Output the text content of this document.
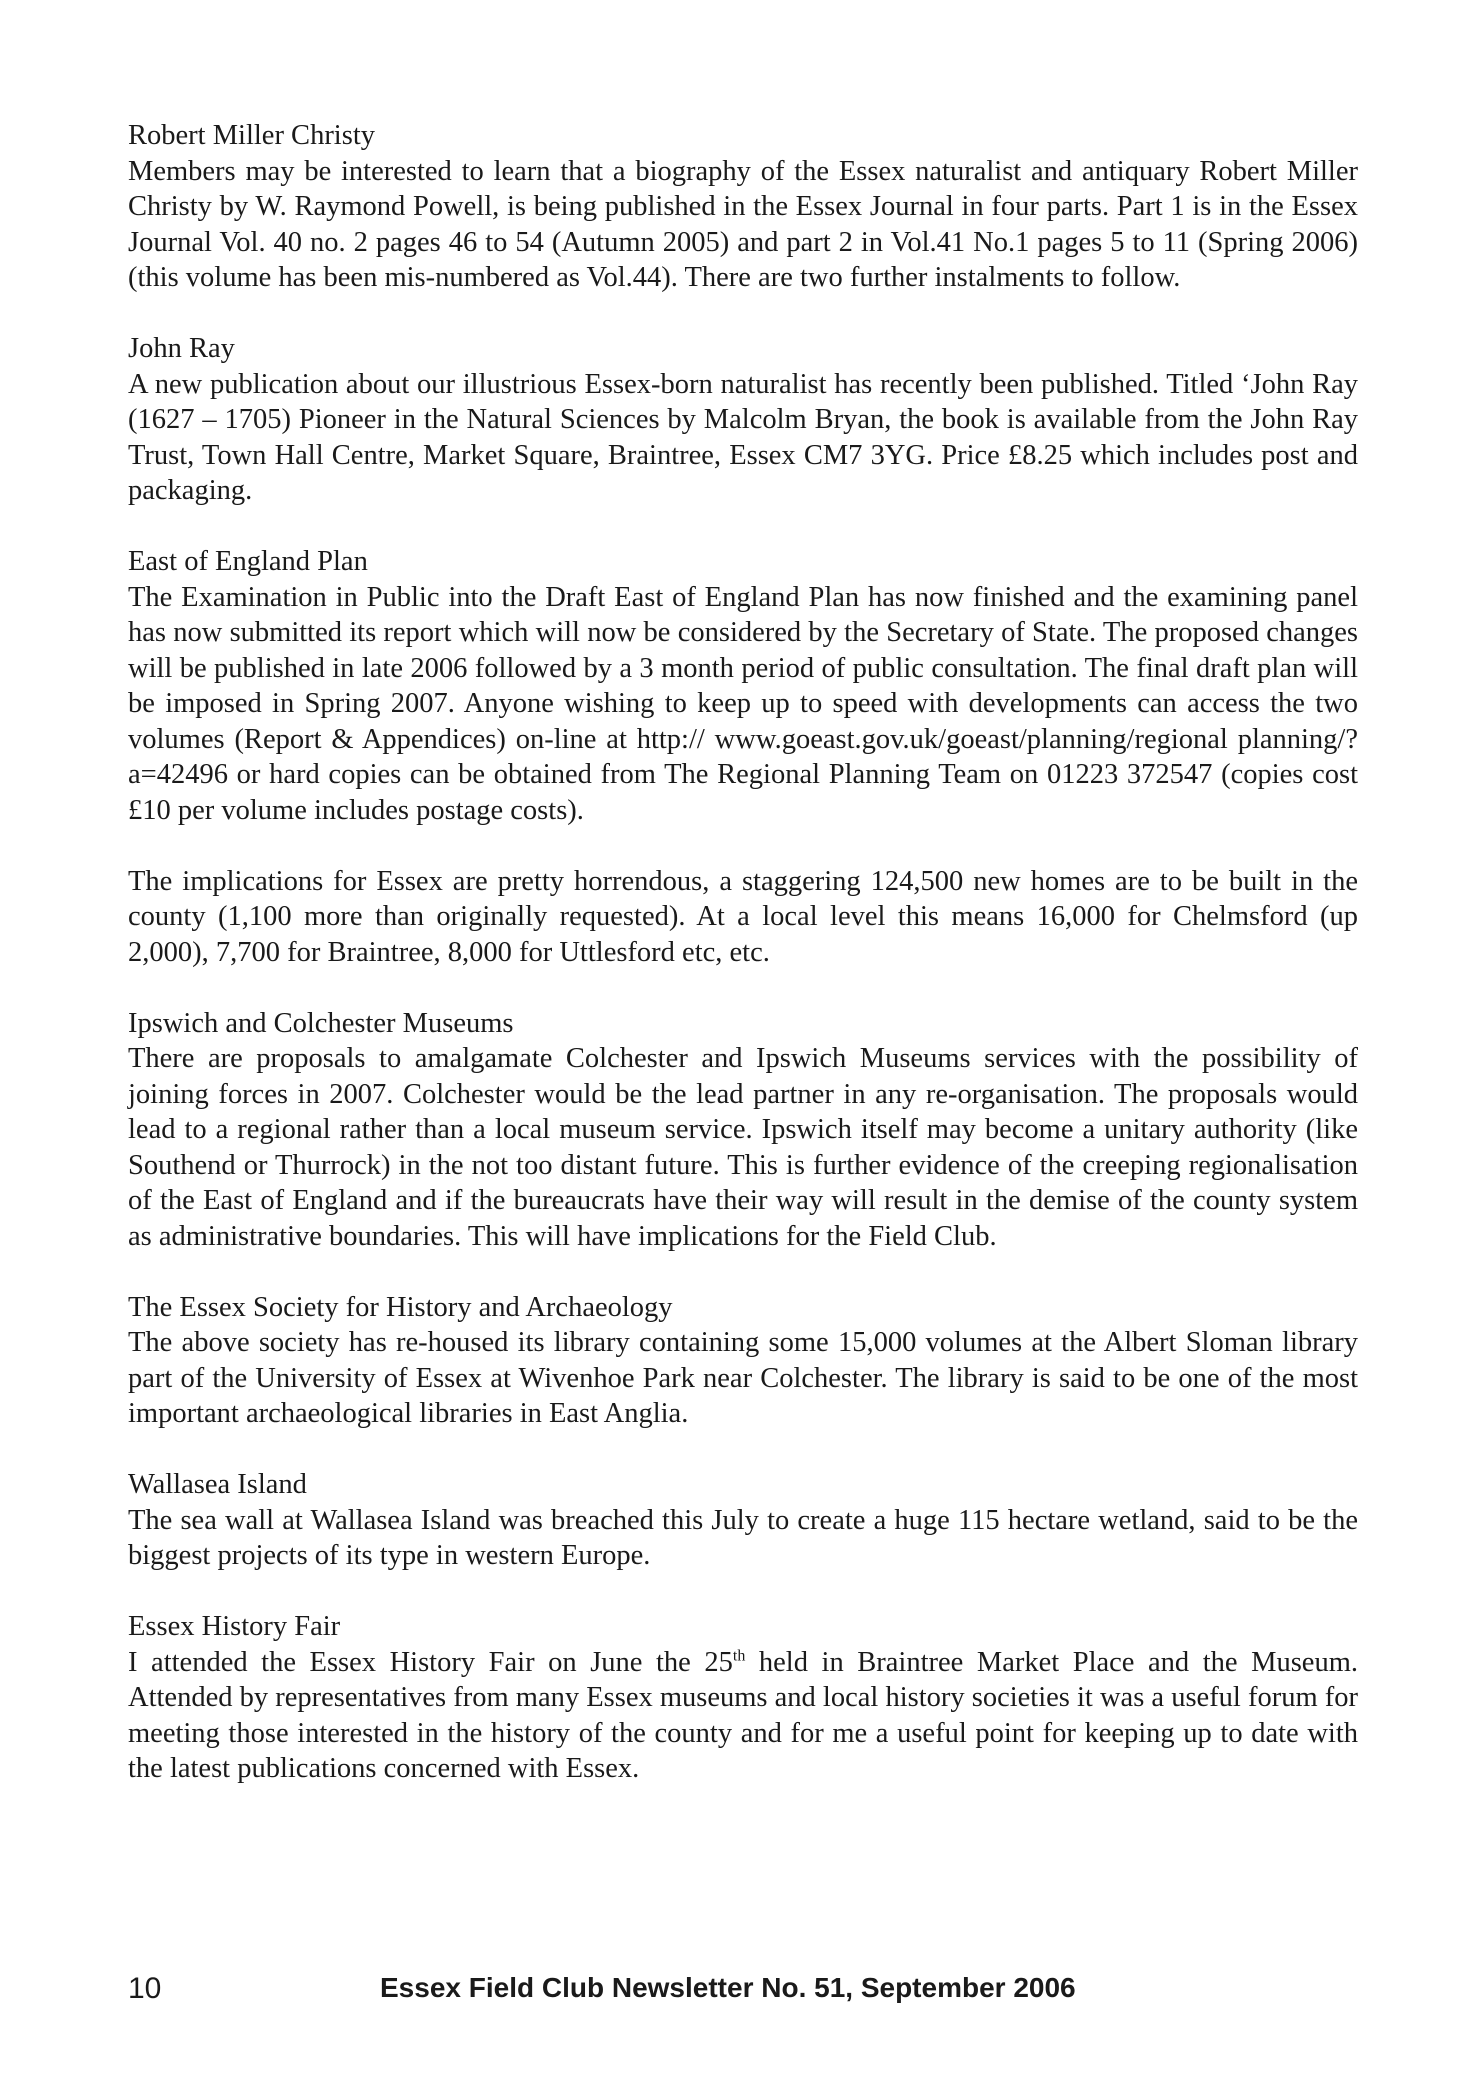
Robert Miller Christy

Members may be interested to learn that a biography of the Essex naturalist and antiquary Robert Miller Christy by W. Raymond Powell, is being published in the Essex Journal in four parts. Part 1 is in the Essex Journal Vol. 40 no. 2 pages 46 to 54 (Autumn 2005) and part 2 in Vol.41 No.1 pages 5 to 11 (Spring 2006) (this volume has been mis-numbered as Vol.44). There are two further instalments to follow.

John Ray

A new publication about our illustrious Essex-born naturalist has recently been published. Titled ‘John Ray (1627 – 1705) Pioneer in the Natural Sciences by Malcolm Bryan, the book is available from the John Ray Trust, Town Hall Centre, Market Square, Braintree, Essex CM7 3YG. Price £8.25 which includes post and packaging.

East of England Plan

The Examination in Public into the Draft East of England Plan has now finished and the examining panel has now submitted its report which will now be considered by the Secretary of State. The proposed changes will be published in late 2006 followed by a 3 month period of public consultation. The final draft plan will be imposed in Spring 2007. Anyone wishing to keep up to speed with developments can access the two volumes (Report & Appendices) on-line at http:// www.goeast.gov.uk/goeast/planning/regional planning/?a=42496 or hard copies can be obtained from The Regional Planning Team on 01223 372547 (copies cost £10 per volume includes postage costs).

The implications for Essex are pretty horrendous, a staggering 124,500 new homes are to be built in the county (1,100 more than originally requested). At a local level this means 16,000 for Chelmsford (up 2,000), 7,700 for Braintree, 8,000 for Uttlesford etc, etc.

Ipswich and Colchester Museums

There are proposals to amalgamate Colchester and Ipswich Museums services with the possibility of joining forces in 2007. Colchester would be the lead partner in any re-organisation. The proposals would lead to a regional rather than a local museum service. Ipswich itself may become a unitary authority (like Southend or Thurrock) in the not too distant future. This is further evidence of the creeping regionalisation of the East of England and if the bureaucrats have their way will result in the demise of the county system as administrative boundaries. This will have implications for the Field Club.

The Essex Society for History and Archaeology

The above society has re-housed its library containing some 15,000 volumes at the Albert Sloman library part of the University of Essex at Wivenhoe Park near Colchester. The library is said to be one of the most important archaeological libraries in East Anglia.

Wallasea Island

The sea wall at Wallasea Island was breached this July to create a huge 115 hectare wetland, said to be the biggest projects of its type in western Europe.

Essex History Fair

I attended the Essex History Fair on June the 25th held in Braintree Market Place and the Museum. Attended by representatives from many Essex museums and local history societies it was a useful forum for meeting those interested in the history of the county and for me a useful point for keeping up to date with the latest publications concerned with Essex.

10	Essex Field Club Newsletter No. 51, September 2006
